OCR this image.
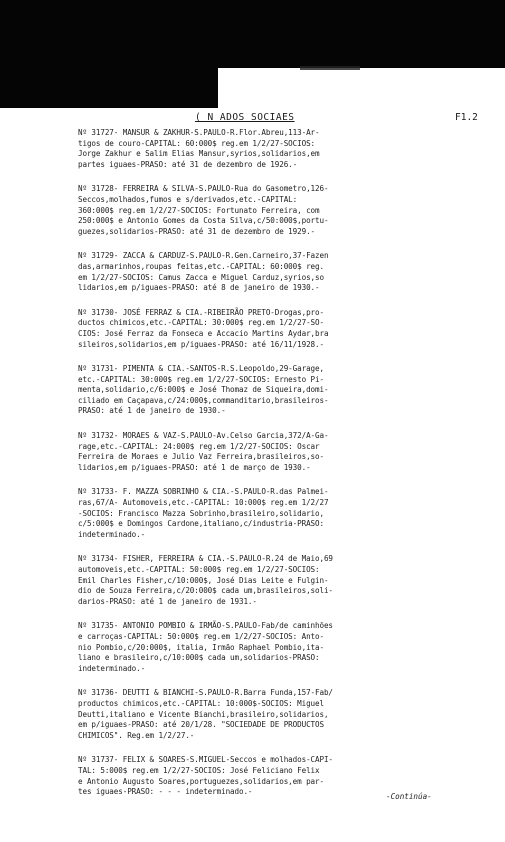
( N ADOS SOCIAES	F1.2

Nº 31727- MANSUR & ZAKHUR-S.PAULO-R.Flor.Abreu,113-Ar-
tigos de couro-CAPITAL: 60:000$ reg.em 1/2/27-SOCIOS:
Jorge Zakhur e Salim Elias Mansur,syrios,solidarios,em
partes iguaes-PRASO: até 31 de dezembro de 1926.-

Nº 31728- FERREIRA & SILVA-S.PAULO-Rua do Gasometro,126-
Seccos,molhados,fumos e s/derivados,etc.-CAPITAL:
360:000$ reg.em 1/2/27-SOCIOS: Fortunato Ferreira, com
250:000$ e Antonio Gomes da Costa Silva,c/50:000$,portu-
guezes,solidarios-PRASO: até 31 de dezembro de 1929.-

Nº 31729- ZACCA & CARDUZ-S.PAULO-R.Gen.Carneiro,37-Fazen
das,armarinhos,roupas feitas,etc.-CAPITAL: 60:000$ reg.
em 1/2/27-SOCIOS: Camus Zacca e Miguel Carduz,syrios,so
lidarios,em p/iguaes-PRASO: até 8 de janeiro de 1930.-

Nº 31730- JOSÉ FERRAZ & CIA.-RIBEIRÃO PRETO-Drogas,pro-
ductos chimicos,etc.-CAPITAL: 30:000$ reg.em 1/2/27-SO-
CIOS: José Ferraz da Fonseca e Accacio Martins Aydar,bra
sileiros,solidarios,em p/iguaes-PRASO: até 16/11/1928.-

Nº 31731- PIMENTA & CIA.-SANTOS-R.S.Leopoldo,29-Garage,
etc.-CAPITAL: 30:000$ reg.em 1/2/27-SOCIOS: Ernesto Pi-
menta,solidario,c/6:000$ e José Thomaz de Siqueira,domi-
ciliado em Caçapava,c/24:000$,commanditario,brasileiros-
PRASO: até 1 de janeiro de 1930.-

Nº 31732- MORAES & VAZ-S.PAULO-Av.Celso Garcia,372/A-Ga-
rage,etc.-CAPITAL: 24:000$ reg.em 1/2/27-SOCIOS: Oscar
Ferreira de Moraes e Julio Vaz Ferreira,brasileiros,so-
lidarios,em p/iguaes-PRASO: até 1 de março de 1930.-

Nº 31733- F. MAZZA SOBRINHO & CIA.-S.PAULO-R.das Palmei-
ras,67/A- Automoveis,etc.-CAPITAL: 10:000$ reg.em 1/2/27
-SOCIOS: Francisco Mazza Sobrinho,brasileiro,solidario,
c/5:000$ e Domingos Cardone,italiano,c/industria-PRASO:
indeterminado.-

Nº 31734- FISHER, FERREIRA & CIA.-S.PAULO-R.24 de Maio,69
automoveis,etc.-CAPITAL: 50:000$ reg.em 1/2/27-SOCIOS:
Emil Charles Fisher,c/10:000$, José Dias Leite e Fulgin-
dio de Souza Ferreira,c/20:000$ cada um,brasileiros,soli-
darios-PRASO: até 1 de janeiro de 1931.-

Nº 31735- ANTONIO POMBIO & IRMÃO-S.PAULO-Fab/de caminhões
e carroças-CAPITAL: 50:000$ reg.em 1/2/27-SOCIOS: Anto-
nio Pombio,c/20:000$, italia, Irmão Raphael Pombio,ita-
liano e brasileiro,c/10:000$ cada um,solidarios-PRASO:
indeterminado.-

Nº 31736- DEUTTI & BIANCHI-S.PAULO-R.Barra Funda,157-Fab/
productos chimicos,etc.-CAPITAL: 10:000$-SOCIOS: Miguel
Deutti,italiano e Vicente Bianchi,brasileiro,solidarios,
em p/iguaes-PRASO: até 20/1/28. "SOCIEDADE DE PRODUCTOS
CHIMICOS". Reg.em 1/2/27.-

Nº 31737- FELIX & SOARES-S.MIGUEL-Seccos e molhados-CAPI-
TAL: 5:000$ reg.em 1/2/27-SOCIOS: José Feliciano Felix
e Antonio Augusto Soares,portuguezes,solidarios,em par-
tes iguaes-PRASO: - - - indeterminado.-

-Continúa-
